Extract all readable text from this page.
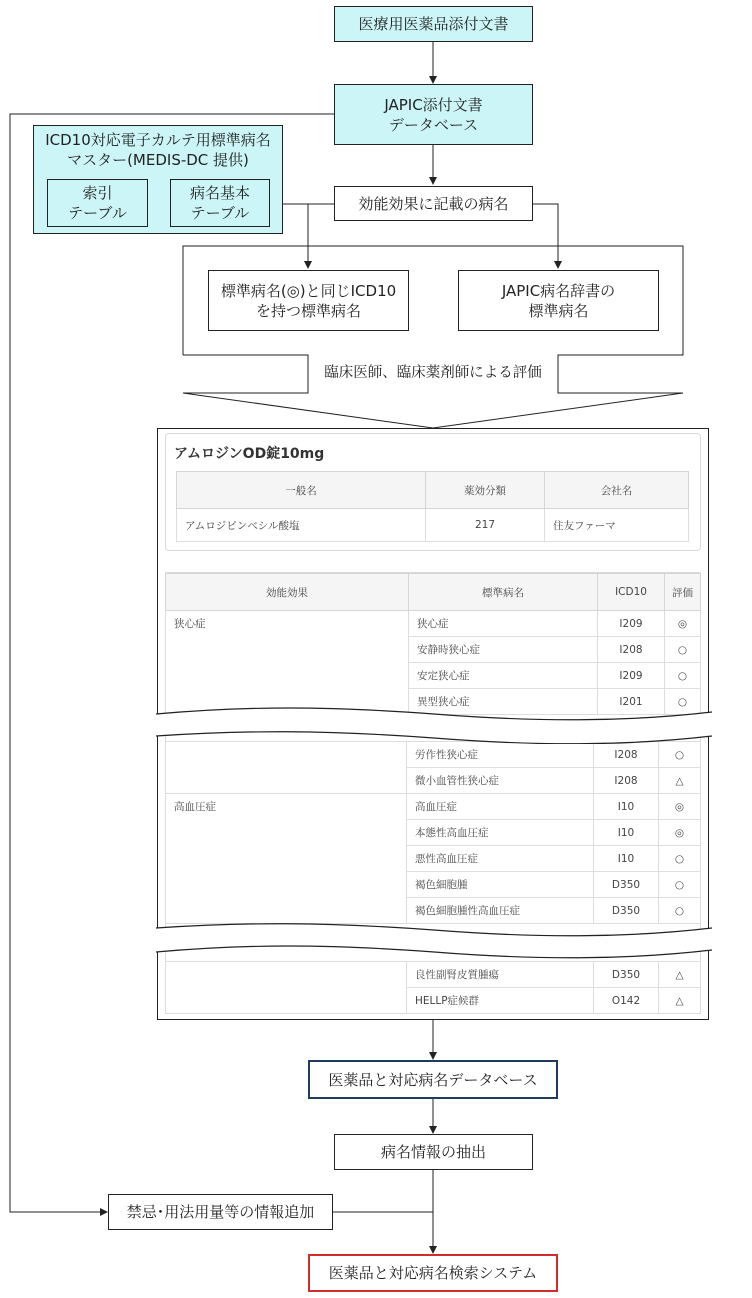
医療用医薬品添付文書
JAPIC添付文書
データベース
ICD10対応電子カルテ用標準病名
マスター(MEDIS-DC 提供)
索引
テーブル
病名基本
テーブル
効能効果に記載の病名
標準病名(◎)と同じICD10
を持つ標準病名
JAPIC病名辞書の
標準病名
臨床医師、臨床薬剤師による評価
アムロジンOD錠10mg
一般名	薬効分類	会社名
アムロジピンベシル酸塩	217	住友ファーマ
効能効果	標準病名	ICD10	評価
狭心症	狭心症	I209	◎
	安静時狭心症	I208	○
	安定狭心症	I209	○
	異型狭心症	I201	○
	労作性狭心症	I208	○
	微小血管性狭心症	I208	△
高血圧症	高血圧症	I10	◎
	本態性高血圧症	I10	◎
	悪性高血圧症	I10	○
	褐色細胞腫	D350	○
	褐色細胞腫性高血圧症	D350	○
	良性副腎皮質腫瘍	D350	△
	HELLP症候群	O142	△
医薬品と対応病名データベース
病名情報の抽出
禁忌･用法用量等の情報追加
医薬品と対応病名検索システム
